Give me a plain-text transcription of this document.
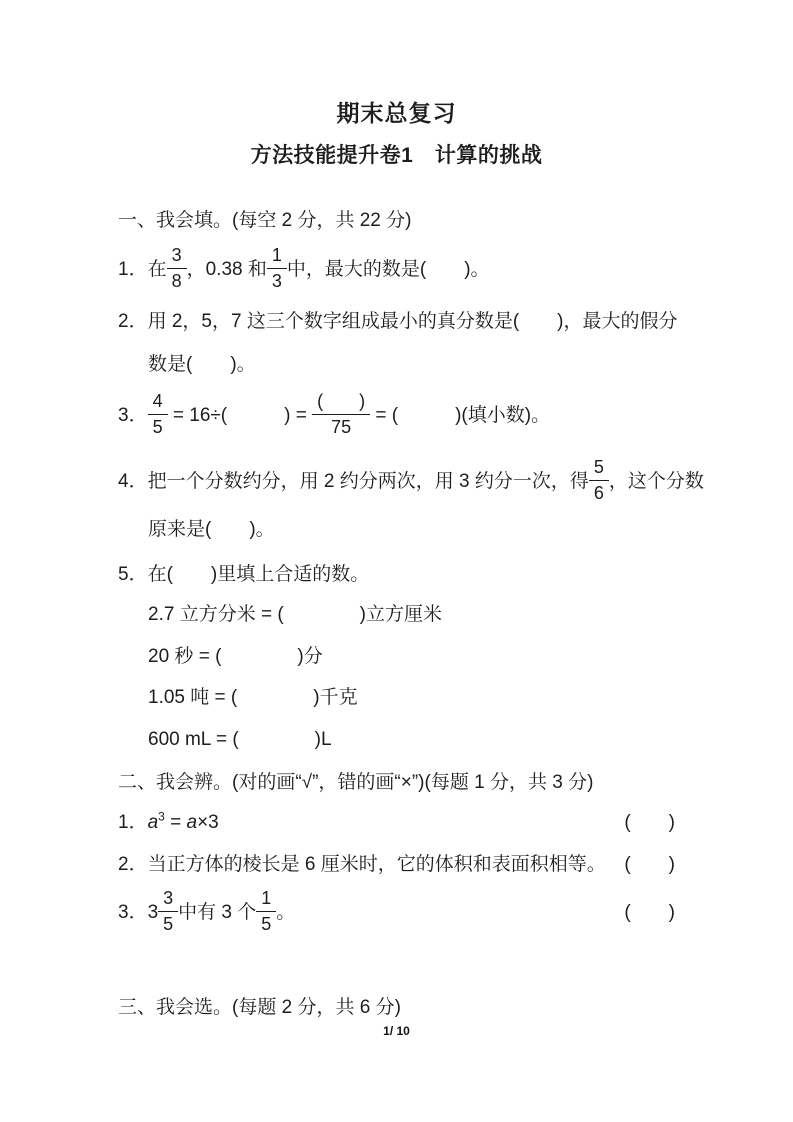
期末总复习
方法技能提升卷1　计算的挑战
一、我会填。(每空 2 分，共 22 分)
1．在 $\frac{3}{8}$ ，0.38 和 $\frac{1}{3}$ 中，最大的数是(　　)。
2．用 2，5，7 这三个数字组成最小的真分数是(　　)，最大的假分
数是(　　)。
3． $\frac{4}{5} = 16\div$(　　　) = $\frac{( )}{75}$ = (　　　)(填小数)。
4．把一个分数约分，用 2 约分两次，用 3 约分一次，得 $\frac{5}{6}$ ，这个分数
原来是(　　)。
5．在(　　)里填上合适的数。
2.7 立方分米 = (　　　　)立方厘米
20 秒 = (　　　　)分
1.05 吨 = (　　　　)千克
600 mL = (　　　　)L
二、我会辨。(对的画“√”，错的画“×”)(每题 1 分，共 3 分)
1．$a^3 = a\times 3$	(　　)
2．当正方体的棱长是 6 厘米时，它的体积和表面积相等。 (　　)
3．$3 \frac{3}{5}$ 中有 3 个 $\frac{1}{5}$ 。	(　　)
三、我会选。(每题 2 分，共 6 分)
1/ 10
